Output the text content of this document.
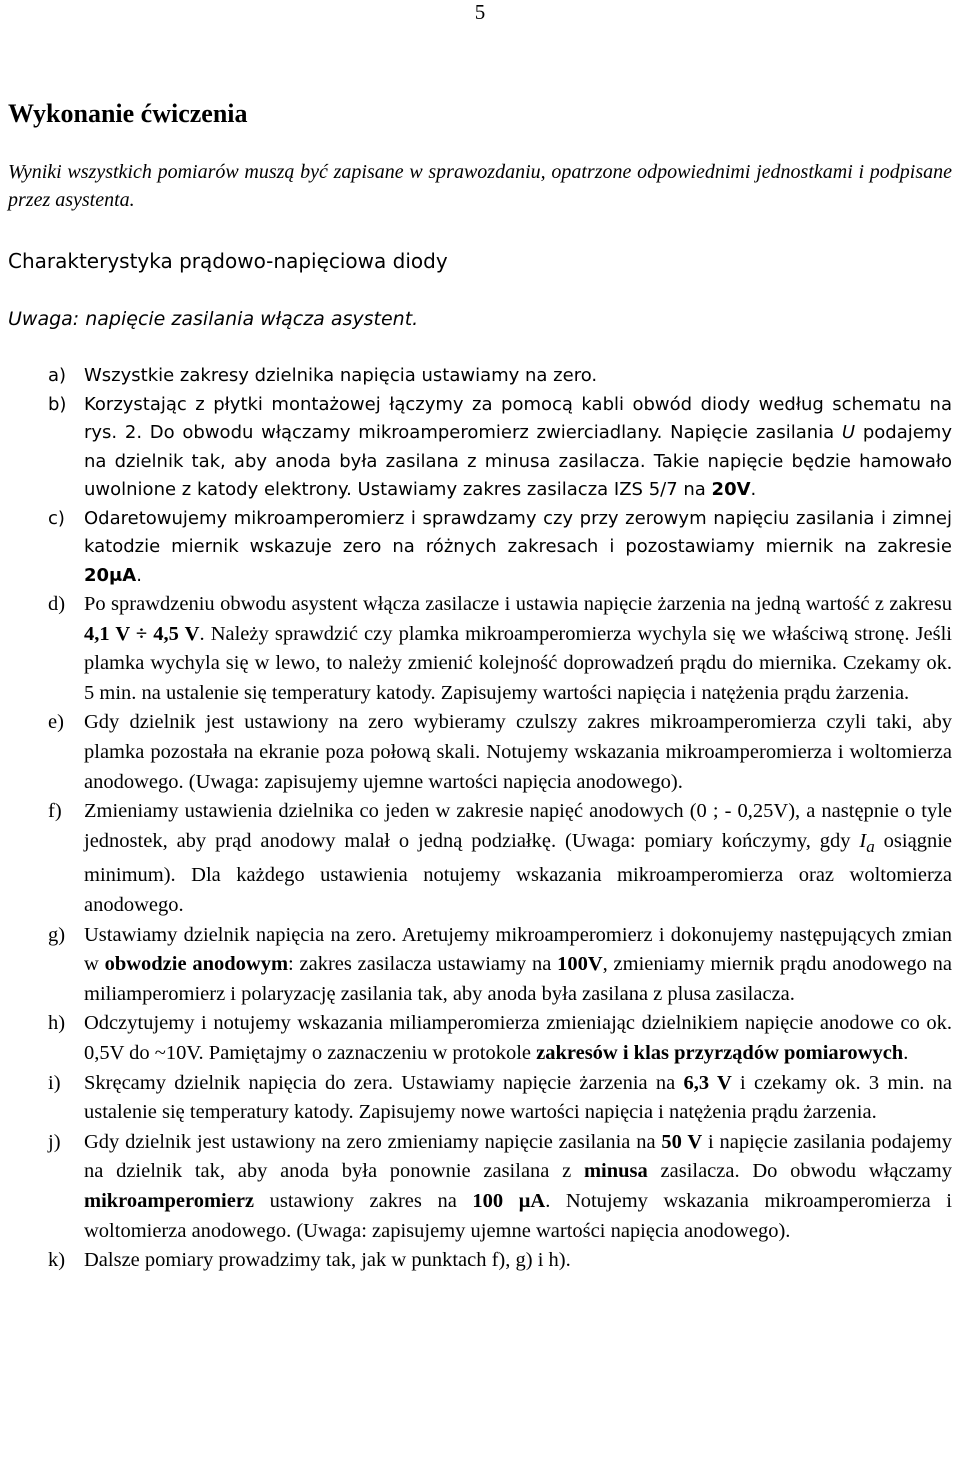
5
Wykonanie ćwiczenia

Wyniki wszystkich pomiarów muszą być zapisane w sprawozdaniu, opatrzone odpowiednimi jednostkami i podpisane przez asystenta.

Charakterystyka prądowo-napięciowa diody

Uwaga: napięcie zasilania włącza asystent.

a) Wszystkie zakresy dzielnika napięcia ustawiamy na zero.
b) Korzystając z płytki montażowej łączymy za pomocą kabli obwód diody według schematu na rys. 2. Do obwodu włączamy mikroamperomierz zwierciadlany. Napięcie zasilania U podajemy na dzielnik tak, aby anoda była zasilana z minusa zasilacza. Takie napięcie będzie hamowało uwolnione z katody elektrony. Ustawiamy zakres zasilacza IZS 5/7 na 20V.
c) Odaretowujemy mikroamperomierz i sprawdzamy czy przy zerowym napięciu zasilania i zimnej katodzie miernik wskazuje zero na różnych zakresach i pozostawiamy miernik na zakresie 20μA.
d) Po sprawdzeniu obwodu asystent włącza zasilacze i ustawia napięcie żarzenia na jedną wartość z zakresu 4,1 V ÷ 4,5 V. Należy sprawdzić czy plamka mikroamperomierza wychyla się we właściwą stronę. Jeśli plamka wychyla się w lewo, to należy zmienić kolejność doprowadzeń prądu do miernika. Czekamy ok. 5 min. na ustalenie się temperatury katody. Zapisujemy wartości napięcia i natężenia prądu żarzenia.
e) Gdy dzielnik jest ustawiony na zero wybieramy czulszy zakres mikroamperomierza czyli taki, aby plamka pozostała na ekranie poza połową skali. Notujemy wskazania mikroamperomierza i woltomierza anodowego. (Uwaga: zapisujemy ujemne wartości napięcia anodowego).
f) Zmieniamy ustawienia dzielnika co jeden w zakresie napięć anodowych (0 ; - 0,25V), a następnie o tyle jednostek, aby prąd anodowy malał o jedną podziałkę. (Uwaga: pomiary kończymy, gdy $I_a$ osiągnie minimum). Dla każdego ustawienia notujemy wskazania mikroamperomierza oraz woltomierza anodowego.
g) Ustawiamy dzielnik napięcia na zero. Aretujemy mikroamperomierz i dokonujemy następujących zmian w obwodzie anodowym: zakres zasilacza ustawiamy na 100V, zmieniamy miernik prądu anodowego na miliamperomierz i polaryzację zasilania tak, aby anoda była zasilana z plusa zasilacza.
h) Odczytujemy i notujemy wskazania miliamperomierza zmieniając dzielnikiem napięcie anodowe co ok. 0,5V do ~10V. Pamiętajmy o zaznaczeniu w protokole zakresów i klas przyrządów pomiarowych.
i) Skręcamy dzielnik napięcia do zera. Ustawiamy napięcie żarzenia na 6,3 V i czekamy ok. 3 min. na ustalenie się temperatury katody. Zapisujemy nowe wartości napięcia i natężenia prądu żarzenia.
j) Gdy dzielnik jest ustawiony na zero zmieniamy napięcie zasilania na 50 V i napięcie zasilania podajemy na dzielnik tak, aby anoda była ponownie zasilana z minusa zasilacza. Do obwodu włączamy mikroamperomierz ustawiony zakres na 100 μA. Notujemy wskazania mikroamperomierza i woltomierza anodowego. (Uwaga: zapisujemy ujemne wartości napięcia anodowego).
k) Dalsze pomiary prowadzimy tak, jak w punktach f), g) i h).
